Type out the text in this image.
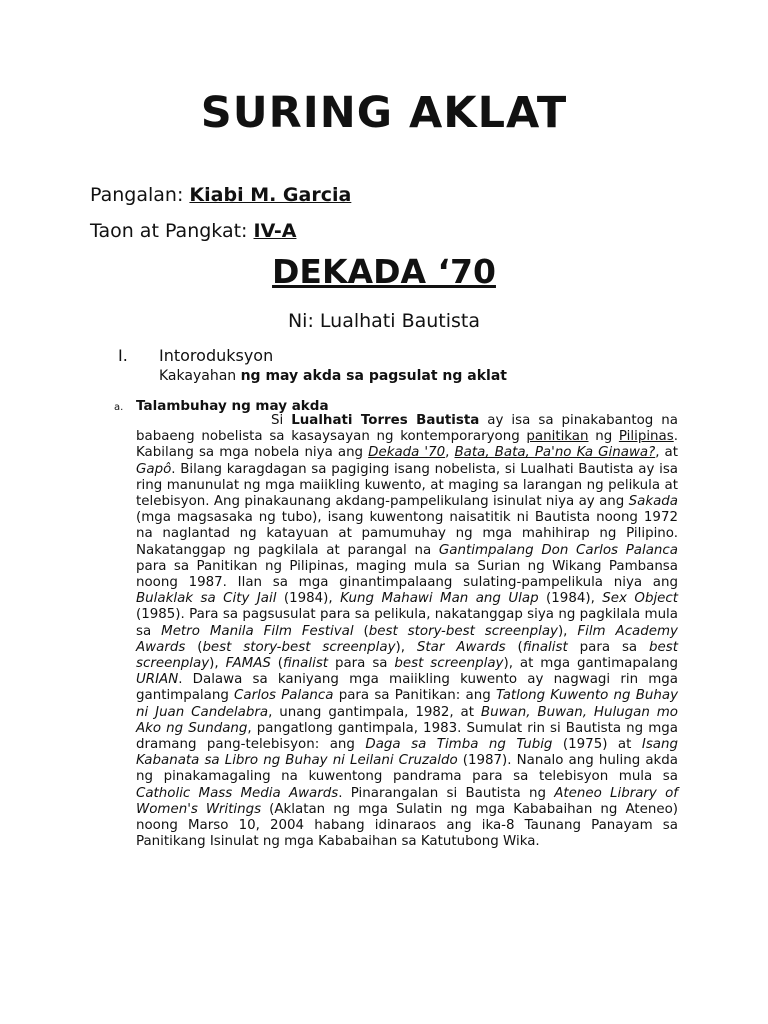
SURING AKLAT

Pangalan: Kiabi M. Garcia

Taon at Pangkat: IV-A

DEKADA ‘70

Ni: Lualhati Bautista

I. Intoroduksyon

Kakayahan ng may akda sa pagsulat ng aklat

a. Talambuhay ng may akda

Si Lualhati Torres Bautista ay isa sa pinakabantog na babaeng nobelista sa kasaysayan ng kontemporaryong panitikan ng Pilipinas. Kabilang sa mga nobela niya ang Dekada '70, Bata, Bata, Pa'no Ka Ginawa?, at Gapô. Bilang karagdagan sa pagiging isang nobelista, si Lualhati Bautista ay isa ring manunulat ng mga maiikling kuwento, at maging sa larangan ng pelikula at telebisyon. Ang pinakaunang akdang-pampelikulang isinulat niya ay ang Sakada (mga magsasaka ng tubo), isang kuwentong naisatitik ni Bautista noong 1972 na naglantad ng katayuan at pamumuhay ng mga mahihirap ng Pilipino. Nakatanggap ng pagkilala at parangal na Gantimpalang Don Carlos Palanca para sa Panitikan ng Pilipinas, maging mula sa Surian ng Wikang Pambansa noong 1987. Ilan sa mga ginantimpalaang sulating-pampelikula niya ang Bulaklak sa City Jail (1984), Kung Mahawi Man ang Ulap (1984), Sex Object (1985). Para sa pagsusulat para sa pelikula, nakatanggap siya ng pagkilala mula sa Metro Manila Film Festival (best story-best screenplay), Film Academy Awards (best story-best screenplay), Star Awards (finalist para sa best screenplay), FAMAS (finalist para sa best screenplay), at mga gantimapalang URIAN. Dalawa sa kaniyang mga maiikling kuwento ay nagwagi rin mga gantimpalang Carlos Palanca para sa Panitikan: ang Tatlong Kuwento ng Buhay ni Juan Candelabra, unang gantimpala, 1982, at Buwan, Buwan, Hulugan mo Ako ng Sundang, pangatlong gantimpala, 1983. Sumulat rin si Bautista ng mga dramang pang-telebisyon: ang Daga sa Timba ng Tubig (1975) at Isang Kabanata sa Libro ng Buhay ni Leilani Cruzaldo (1987). Nanalo ang huling akda ng pinakamagaling na kuwentong pandrama para sa telebisyon mula sa Catholic Mass Media Awards. Pinarangalan si Bautista ng Ateneo Library of Women's Writings (Aklatan ng mga Sulatin ng mga Kababaihan ng Ateneo) noong Marso 10, 2004 habang idinaraos ang ika-8 Taunang Panayam sa Panitikang Isinulat ng mga Kababaihan sa Katutubong Wika.
